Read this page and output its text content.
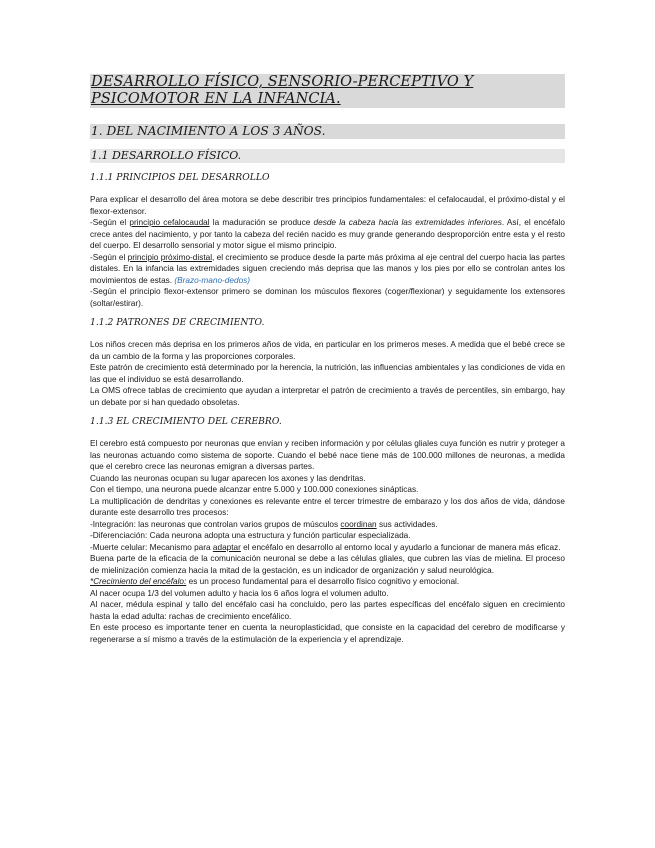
DESARROLLO FÍSICO, SENSORIO-PERCEPTIVO Y PSICOMOTOR EN LA INFANCIA.
1. DEL NACIMIENTO A LOS 3 AÑOS.
1.1 DESARROLLO FÍSICO.
1.1.1 PRINCIPIOS DEL DESARROLLO

Para explicar el desarrollo del área motora se debe describir tres principios fundamentales: el cefalocaudal, el próximo-distal y el flexor-extensor.

-Según el principio cefalocaudal la maduración se produce desde la cabeza hacia las extremidades inferiores. Así, el encéfalo crece antes del nacimiento, y por tanto la cabeza del recién nacido es muy grande generando desproporción entre esta y el resto del cuerpo. El desarrollo sensorial y motor sigue el mismo principio.

-Según el principio próximo-distal, el crecimiento se produce desde la parte más próxima al eje central del cuerpo hacia las partes distales. En la infancia las extremidades siguen creciendo más deprisa que las manos y los pies por ello se controlan antes los movimientos de estas. (Brazo-mano-dedos)

-Según el principio flexor-extensor primero se dominan los músculos flexores (coger/flexionar) y seguidamente los extensores (soltar/estirar).

1.1.2 PATRONES DE CRECIMIENTO.

Los niños crecen más deprisa en los primeros años de vida, en particular en los primeros meses. A medida que el bebé crece se da un cambio de la forma y las proporciones corporales.

Este patrón de crecimiento está determinado por la herencia, la nutrición, las influencias ambientales y las condiciones de vida en las que el individuo se está desarrollando.

La OMS ofrece tablas de crecimiento que ayudan a interpretar el patrón de crecimiento a través de percentiles, sin embargo, hay un debate por si han quedado obsoletas.

1.1.3 EL CRECIMIENTO DEL CEREBRO.

El cerebro está compuesto por neuronas que envían y reciben información y por células gliales cuya función es nutrir y proteger a las neuronas actuando como sistema de soporte. Cuando el bebé nace tiene más de 100.000 millones de neuronas, a medida que el cerebro crece las neuronas emigran a diversas partes.

Cuando las neuronas ocupan su lugar aparecen los axones y las dendritas.

Con el tiempo, una neurona puede alcanzar entre 5.000 y 100.000 conexiones sinápticas.

La multiplicación de dendritas y conexiones es relevante entre el tercer trimestre de embarazo y los dos años de vida, dándose durante este desarrollo tres procesos:

-Integración: las neuronas que controlan varios grupos de músculos coordinan sus actividades.

-Diferenciación: Cada neurona adopta una estructura y función particular especializada.

-Muerte celular: Mecanismo para adaptar el encéfalo en desarrollo al entorno local y ayudarlo a funcionar de manera más eficaz.

Buena parte de la eficacia de la comunicación neuronal se debe a las células gliales, que cubren las vías de mielina. El proceso de mielinización comienza hacia la mitad de la gestación, es un indicador de organización y salud neurológica.

*Crecimiento del encéfalo: es un proceso fundamental para el desarrollo físico cognitivo y emocional.

Al nacer ocupa 1/3 del volumen adulto y hacia los 6 años logra el volumen adulto.

Al nacer, médula espinal y tallo del encéfalo casi ha concluido, pero las partes específicas del encéfalo siguen en crecimiento hasta la edad adulta: rachas de crecimiento encefálico.

En este proceso es importante tener en cuenta la neuroplasticidad, que consiste en la capacidad del cerebro de modificarse y regenerarse a sí mismo a través de la estimulación de la experiencia y el aprendizaje.
